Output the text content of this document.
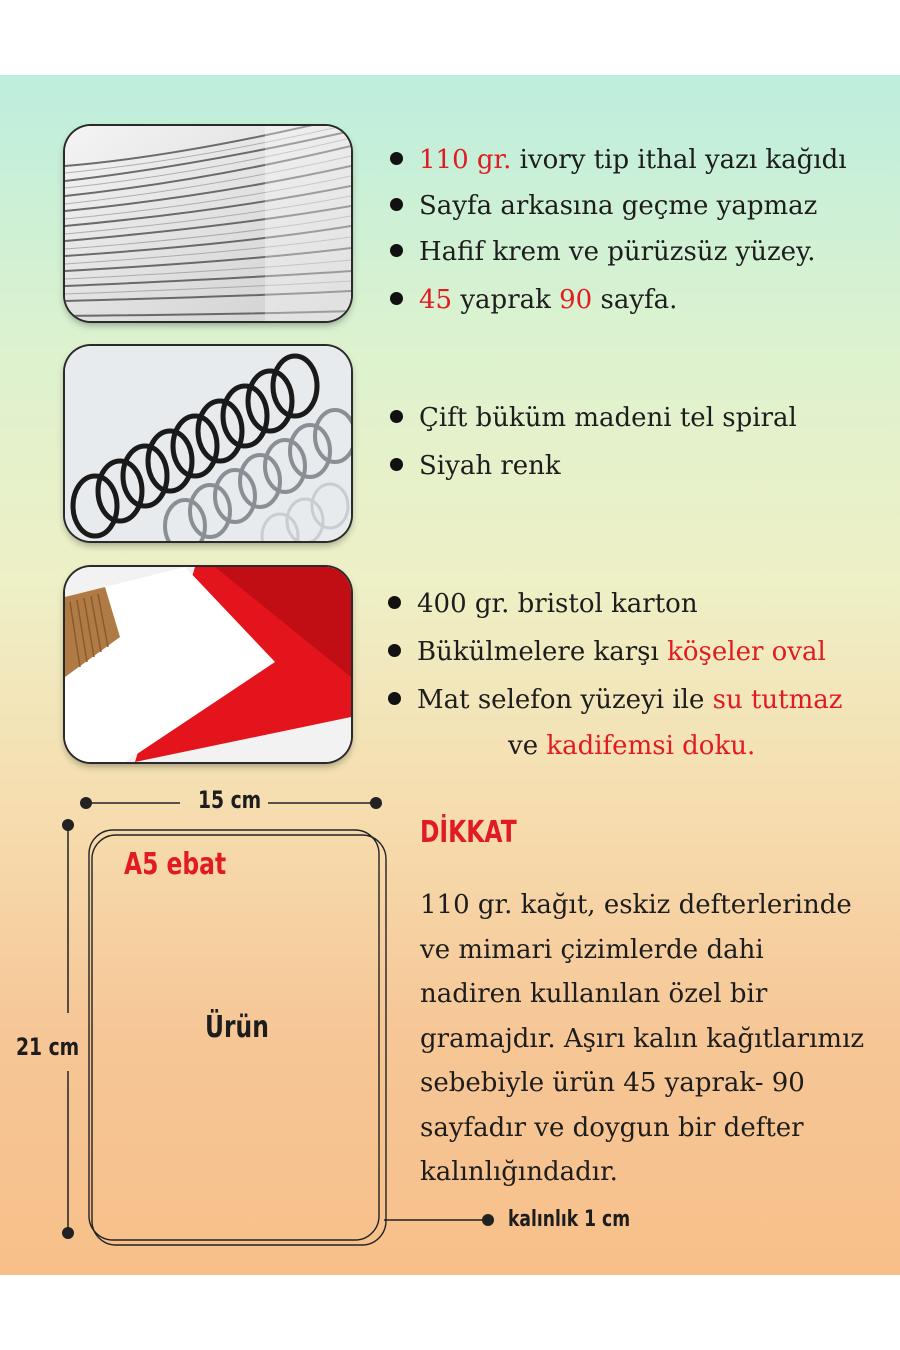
110 gr. ivory tip ithal yazı kağıdı
Sayfa arkasına geçme yapmaz
Hafif krem ve pürüzsüz yüzey.
45 yaprak 90 sayfa.
Çift büküm madeni tel spiral
Siyah renk
400 gr. bristol karton
Bükülmelere karşı köşeler oval
Mat selefon yüzeyi ile su tutmaz
ve kadifemsi doku.
15 cm
21 cm
A5 ebat
Ürün
kalınlık 1 cm
DİKKAT
110 gr. kağıt, eskiz defterlerinde
ve mimari çizimlerde dahi
nadiren kullanılan özel bir
gramajdır. Aşırı kalın kağıtlarımız
sebebiyle ürün 45 yaprak- 90
sayfadır ve doygun bir defter
kalınlığındadır.
